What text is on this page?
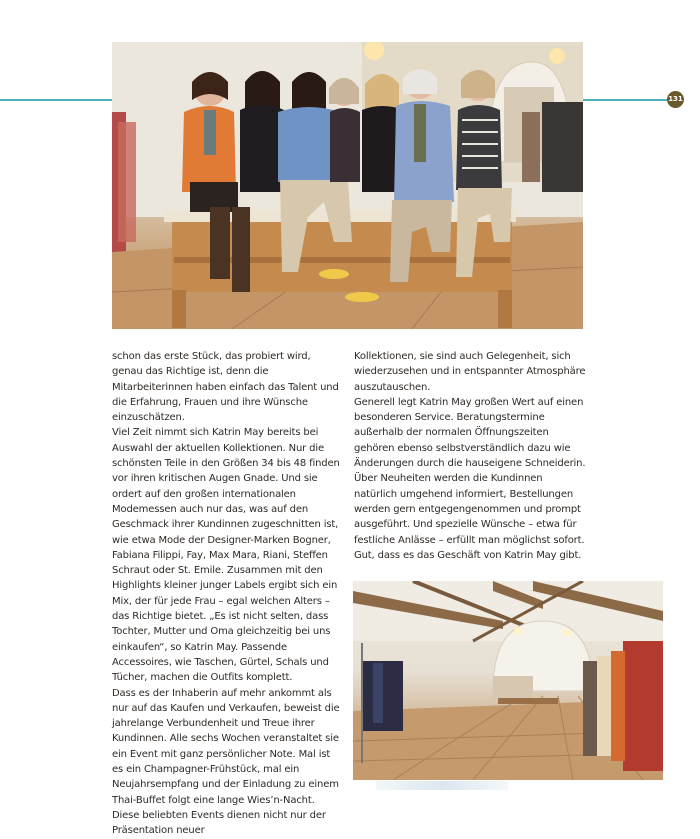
131

schon das erste Stück, das probiert wird, genau das Richtige ist, denn die Mitarbeiterinnen haben einfach das Talent und die Erfahrung, Frauen und ihre Wünsche einzuschätzen.

Viel Zeit nimmt sich Katrin May bereits bei Auswahl der aktuellen Kollektionen. Nur die schönsten Teile in den Größen 34 bis 48 finden vor ihren kritischen Augen Gnade. Und sie ordert auf den großen internationalen Modemessen auch nur das, was auf den Geschmack ihrer Kundinnen zugeschnitten ist, wie etwa Mode der Designer-Marken Bogner, Fabiana Filippi, Fay, Max Mara, Riani, Steffen Schraut oder St. Emile. Zusammen mit den Highlights kleiner junger Labels ergibt sich ein Mix, der für jede Frau – egal welchen Alters – das Richtige bietet. „Es ist nicht selten, dass Tochter, Mutter und Oma gleichzeitig bei uns einkaufen“, so Katrin May. Passende Accessoires, wie Taschen, Gürtel, Schals und Tücher, machen die Outfits komplett.

Dass es der Inhaberin auf mehr ankommt als nur auf das Kaufen und Verkaufen, beweist die jahrelange Verbundenheit und Treue ihrer Kundinnen. Alle sechs Wochen veranstaltet sie ein Event mit ganz persönlicher Note. Mal ist es ein Champagner-Frühstück, mal ein Neujahrsempfang und der Einladung zu einem Thai-Buffet folgt eine lange Wies’n-Nacht. Diese beliebten Events dienen nicht nur der Präsentation neuer

Kollektionen, sie sind auch Gelegenheit, sich wiederzusehen und in entspannter Atmosphäre auszutauschen.

Generell legt Katrin May großen Wert auf einen besonderen Service. Beratungstermine außerhalb der normalen Öffnungszeiten gehören ebenso selbstverständlich dazu wie Änderungen durch die hauseigene Schneiderin. Über Neuheiten werden die Kundinnen natürlich umgehend informiert, Bestellungen werden gern entgegengenommen und prompt ausgeführt. Und spezielle Wünsche – etwa für festliche Anlässe – erfüllt man möglichst sofort. Gut, dass es das Geschäft von Katrin May gibt.
